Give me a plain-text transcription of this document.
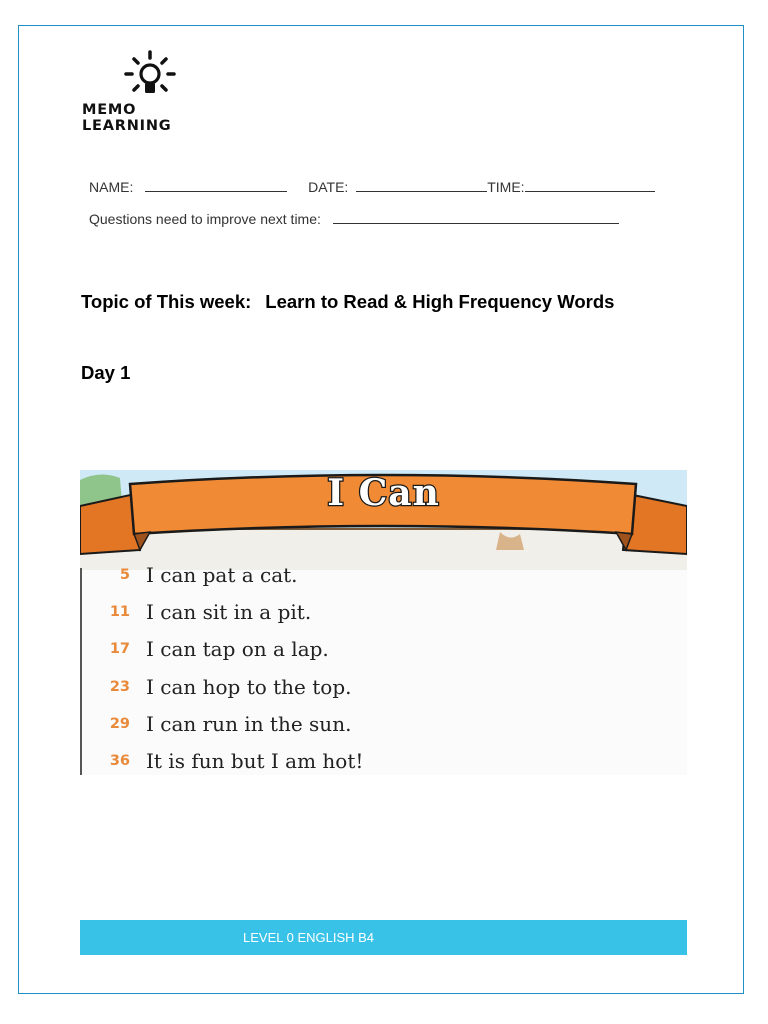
MEMO LEARNING
NAME:	DATE:	TIME:
Questions need to improve next time:
Topic of This week: Learn to Read & High Frequency Words
Day 1
I Can
5 I can pat a cat.
11 I can sit in a pit.
17 I can tap on a lap.
23 I can hop to the top.
29 I can run in the sun.
36 It is fun but I am hot!
LEVEL 0 ENGLISH B4
